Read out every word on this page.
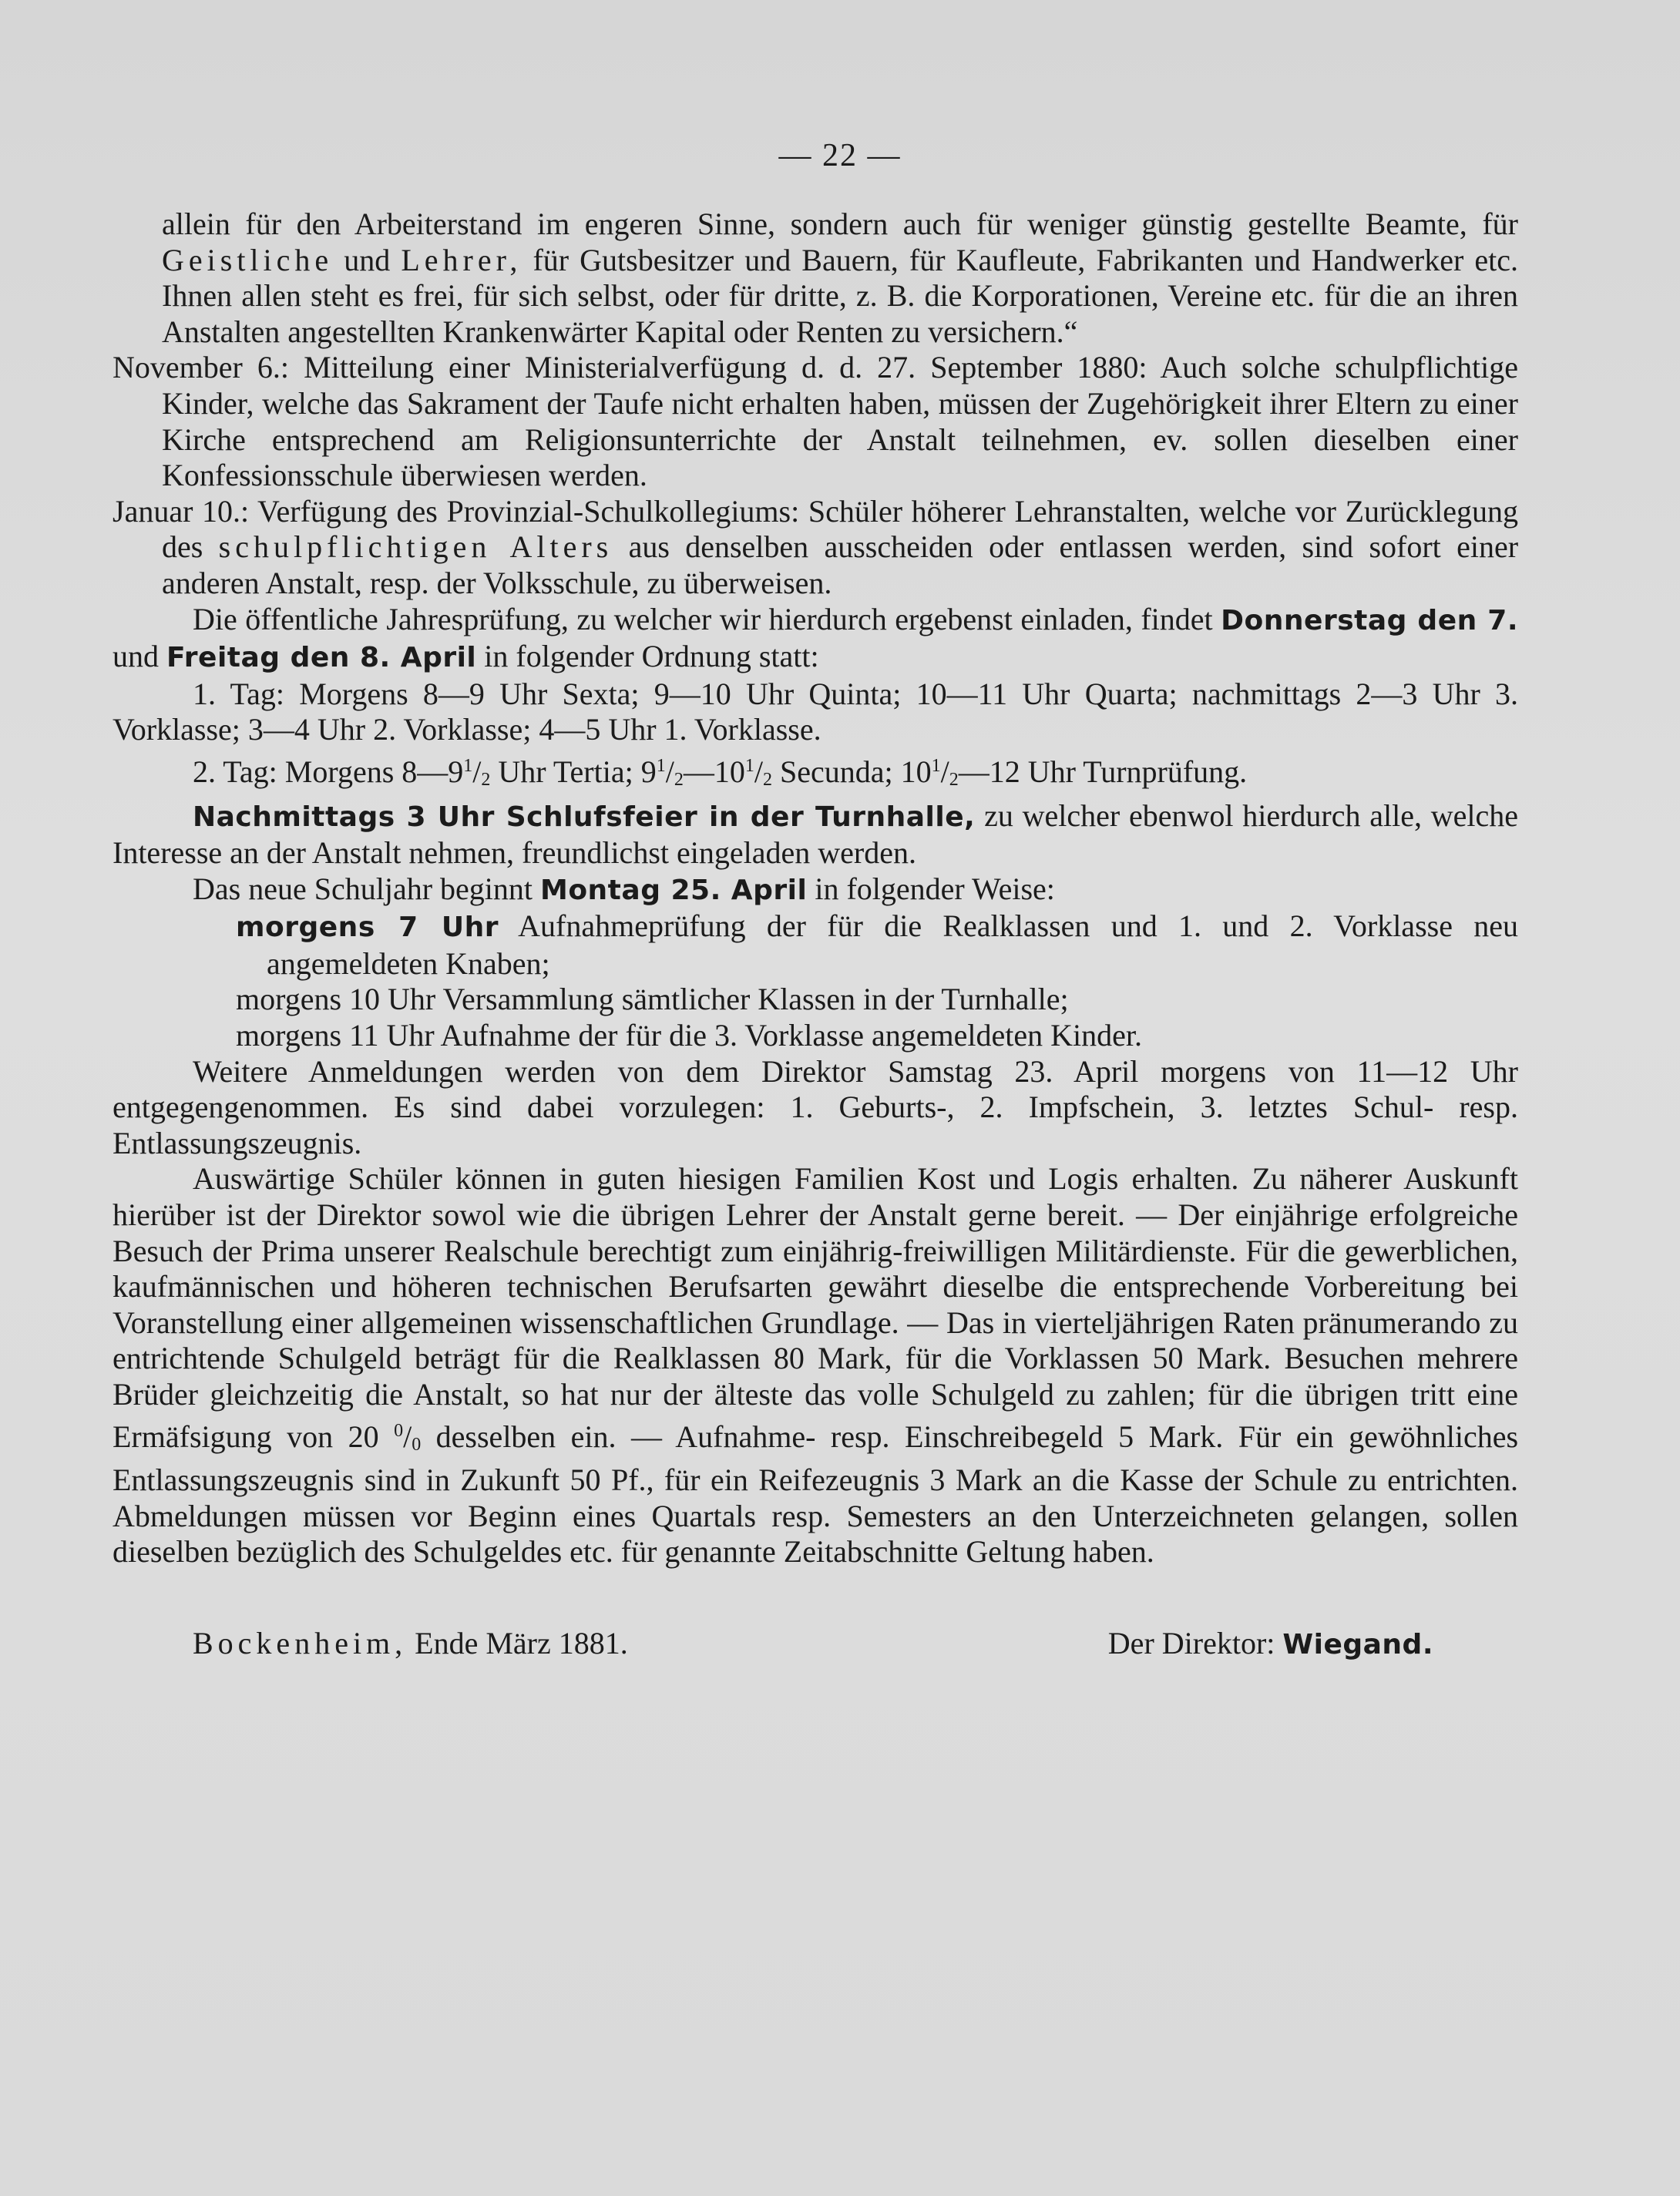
— 22 —

allein für den Arbeiterstand im engeren Sinne, sondern auch für weniger günstig gestellte Beamte, für Geistliche und Lehrer, für Gutsbesitzer und Bauern, für Kaufleute, Fabrikanten und Handwerker etc. Ihnen allen steht es frei, für sich selbst, oder für dritte, z. B. die Korporationen, Vereine etc. für die an ihren Anstalten angestellten Krankenwärter Kapital oder Renten zu versichern.“

November 6.: Mitteilung einer Ministerialverfügung d. d. 27. September 1880: Auch solche schulpflichtige Kinder, welche das Sakrament der Taufe nicht erhalten haben, müssen der Zugehörigkeit ihrer Eltern zu einer Kirche entsprechend am Religionsunterrichte der Anstalt teilnehmen, ev. sollen dieselben einer Konfessionsschule überwiesen werden.

Januar 10.: Verfügung des Provinzial-Schulkollegiums: Schüler höherer Lehranstalten, welche vor Zurücklegung des schulpflichtigen Alters aus denselben ausscheiden oder entlassen werden, sind sofort einer anderen Anstalt, resp. der Volksschule, zu überweisen.

Die öffentliche Jahresprüfung, zu welcher wir hierdurch ergebenst einladen, findet Donnerstag den 7. und Freitag den 8. April in folgender Ordnung statt:

1. Tag: Morgens 8—9 Uhr Sexta; 9—10 Uhr Quinta; 10—11 Uhr Quarta; nachmittags 2—3 Uhr 3. Vorklasse; 3—4 Uhr 2. Vorklasse; 4—5 Uhr 1. Vorklasse.

2. Tag: Morgens $8—9^1/2$ Uhr Tertia; $9^1/2—10^1/2$ Secunda; $10^1/2—12$ Uhr Turnprüfung.

Nachmittags 3 Uhr Schlufsfeier in der Turnhalle, zu welcher ebenwol hierdurch alle, welche Interesse an der Anstalt nehmen, freundlichst eingeladen werden.

Das neue Schuljahr beginnt Montag 25. April in folgender Weise:

morgens 7 Uhr Aufnahmeprüfung der für die Realklassen und 1. und 2. Vorklasse neu angemeldeten Knaben;

morgens 10 Uhr Versammlung sämtlicher Klassen in der Turnhalle;

morgens 11 Uhr Aufnahme der für die 3. Vorklasse angemeldeten Kinder.

Weitere Anmeldungen werden von dem Direktor Samstag 23. April morgens von 11—12 Uhr entgegengenommen. Es sind dabei vorzulegen: 1. Geburts-, 2. Impfschein, 3. letztes Schul- resp. Entlassungszeugnis.

Auswärtige Schüler können in guten hiesigen Familien Kost und Logis erhalten. Zu näherer Auskunft hierüber ist der Direktor sowol wie die übrigen Lehrer der Anstalt gerne bereit. — Der einjährige erfolgreiche Besuch der Prima unserer Realschule berechtigt zum einjährig-freiwilligen Militärdienste. Für die gewerblichen, kaufmännischen und höheren technischen Berufsarten gewährt dieselbe die entsprechende Vorbereitung bei Voranstellung einer allgemeinen wissenschaftlichen Grundlage. — Das in vierteljährigen Raten pränumerando zu entrichtende Schulgeld beträgt für die Realklassen 80 Mark, für die Vorklassen 50 Mark. Besuchen mehrere Brüder gleichzeitig die Anstalt, so hat nur der älteste das volle Schulgeld zu zahlen; für die übrigen tritt eine Ermäfsigung von 20 $^0$/0 desselben ein. — Aufnahme- resp. Einschreibegeld 5 Mark. Für ein gewöhnliches Entlassungszeugnis sind in Zukunft 50 Pf., für ein Reifezeugnis 3 Mark an die Kasse der Schule zu entrichten. Abmeldungen müssen vor Beginn eines Quartals resp. Semesters an den Unterzeichneten gelangen, sollen dieselben bezüglich des Schulgeldes etc. für genannte Zeitabschnitte Geltung haben.

Bockenheim, Ende März 1881.	Der Direktor: Wiegand.
